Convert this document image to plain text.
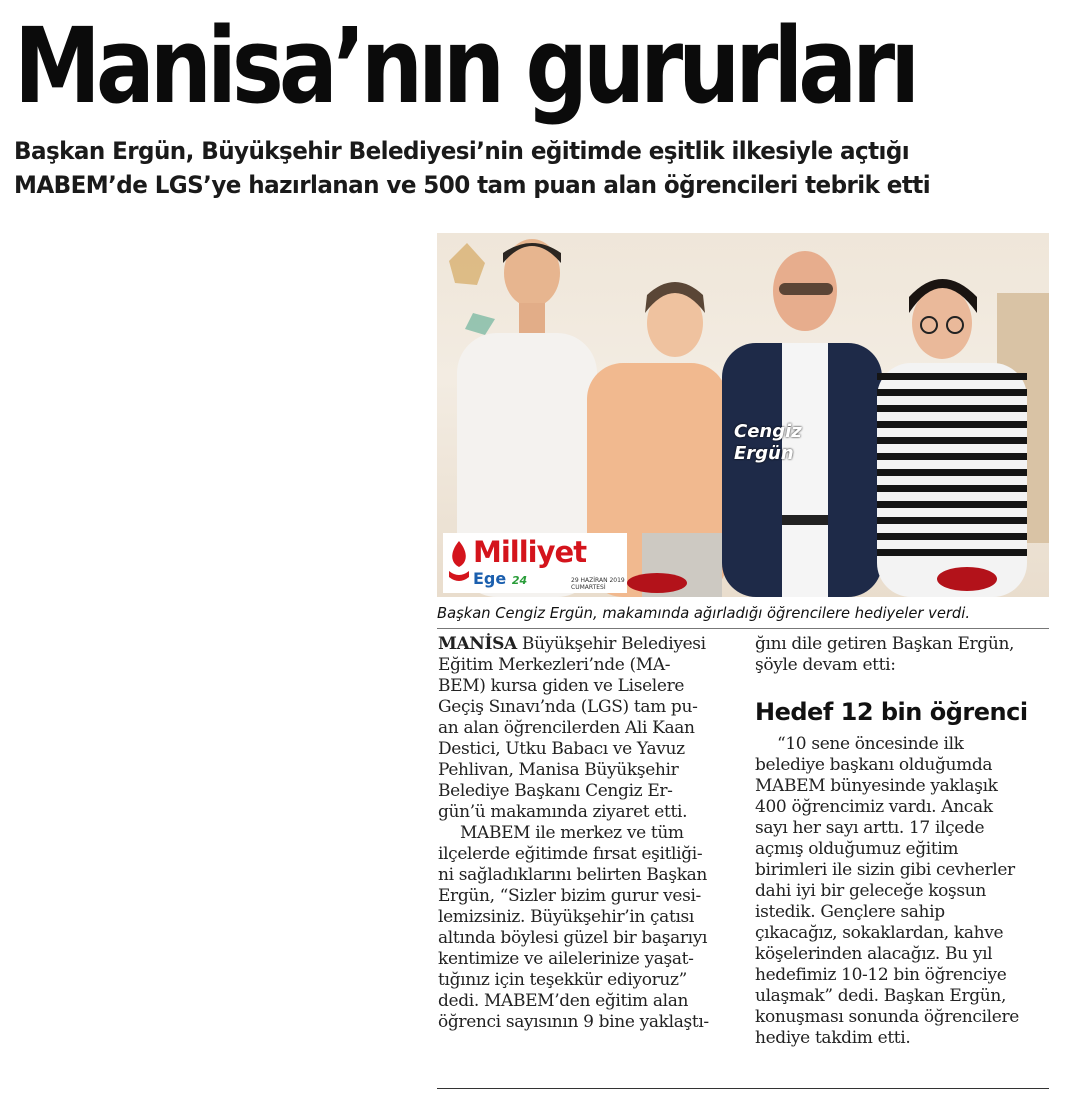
Manisa’nın gururları
Başkan Ergün, Büyükşehir Belediyesi’nin eğitimde eşitlik ilkesiyle açtığı
MABEM’de LGS’ye hazırlanan ve 500 tam puan alan öğrencileri tebrik etti
Cengiz
Ergün
Milliyet
Ege 24	29 HAZİRAN 2019 CUMARTESİ
Başkan Cengiz Ergün, makamında ağırladığı öğrencilere hediyeler verdi.
MANİSA Büyükşehir Belediyesi
Eğitim Merkezleri’nde (MA-
BEM) kursa giden ve Liselere
Geçiş Sınavı’nda (LGS) tam pu-
an alan öğrencilerden Ali Kaan
Destici, Utku Babacı ve Yavuz
Pehlivan, Manisa Büyükşehir
Belediye Başkanı Cengiz Er-
gün’ü makamında ziyaret etti.
MABEM ile merkez ve tüm
ilçelerde eğitimde fırsat eşitliği-
ni sağladıklarını belirten Başkan
Ergün, “Sizler bizim gurur vesi-
lemizsiniz. Büyükşehir’in çatısı
altında böylesi güzel bir başarıyı
kentimize ve ailelerinize yaşat-
tığınız için teşekkür ediyoruz”
dedi. MABEM’den eğitim alan
öğrenci sayısının 9 bine yaklaştı-
ğını dile getiren Başkan Ergün,
şöyle devam etti:
Hedef 12 bin öğrenci
“10 sene öncesinde ilk
belediye başkanı olduğumda
MABEM bünyesinde yaklaşık
400 öğrencimiz vardı. Ancak
sayı her sayı arttı. 17 ilçede
açmış olduğumuz eğitim
birimleri ile sizin gibi cevherler
dahi iyi bir geleceğe koşsun
istedik. Gençlere sahip
çıkacağız, sokaklardan, kahve
köşelerinden alacağız. Bu yıl
hedefimiz 10-12 bin öğrenciye
ulaşmak” dedi. Başkan Ergün,
konuşması sonunda öğrencilere
hediye takdim etti.
